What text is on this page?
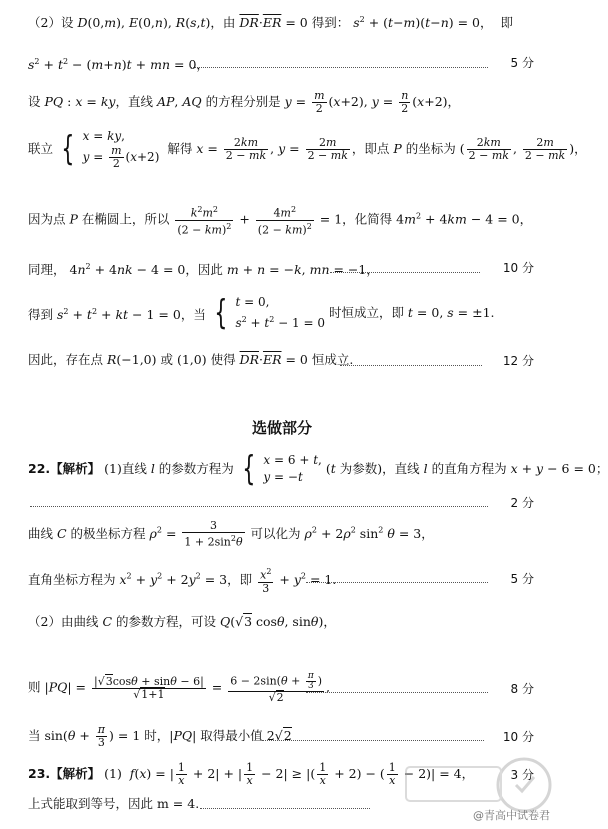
（2）设 D(0,m), E(0,n), R(s,t)，由 $\overline{DR}\cdot\overline{ER} = 0$ 得到： $s^2 + (t-m)(t-n) = 0$，  即
$s^2 + t^2 - (m+n)t$ + mn = 0，	5 分
设 PQ : x = ky，直线 AP, AQ 的方程分别是 $y = \frac{m}{2} (x+2)$, $y = \frac{n}{2} (x+2)$，
联立 { x = ky,
$y = \frac{m}{2} (x+2)$
解得 $x = \frac{2km}{2 - mk}$ , $y = \frac{2m}{2 - mk}$ ，即点 P 的坐标为 ( $\frac{2km}{2 - mk}$ , $\frac{2m}{2 - mk}$ )，
因为点 P 在椭圆上，所以 $\frac{k^2m^2}{(2 - km)^2} + \frac{4m^2}{(2 - km)^2} = 1$，化简得 $4m^2 + 4km - 4 = 0$，
同理， $4n^2 + 4nk - 4 = 0$，因此 m + n = −k, mn = −1，	10 分
得到 $s^2 + t^2$ + kt − 1 = 0，当 { t = 0,
$s^2 + t^2 - 1 = 0$
时恒成立，即 t = 0, s = ±1.
因此，存在点 R(−1,0) 或 (1,0) 使得 $\overline{DR}\cdot\overline{ER} = 0$ 恒成立.	12 分
选做部分
22.【解析】 (1)直线 l 的参数方程为 { x = 6 + t,
y = −t
(t 为参数)，直线 l 的直角方程为 x + y − 6 = 0；
2 分
曲线 C 的极坐标方程 $\rho^2 = \frac{3}{1 + 2\sin^2\theta}$ 可以化为 $\rho^2 + 2\rho^2$ $\sin^2 \theta = 3$，
直角坐标方程为 $x^2 + y^2 + 2y^2 = 3$，即 $\frac{x^2}{3} + y^2 = 1$.	5 分
（2）由曲线 C 的参数方程，可设 Q(√3 cosθ, sinθ)，
则 $|PQ| = \frac{|√3\cos\theta + \sin\theta - 6|}{√1+1} = \frac{6 - 2\sin(\theta + \frac{\pi}{3} )}{√2}$ ,	8 分
当 $\sin(\theta + \frac{\pi}{3}$ ) = 1 时，|PQ| 取得最小值 2√2	10 分
23.【解析】 (1)  f(x) = | $\frac{1}{x} + 2|$ + | $\frac{1}{x} - 2|$ ≥ |( $\frac{1}{x} + 2$) − ( $\frac{1}{x} - 2)| = 4$，	3 分
上式能取到等号，因此 m = 4.
@青高中试卷君
